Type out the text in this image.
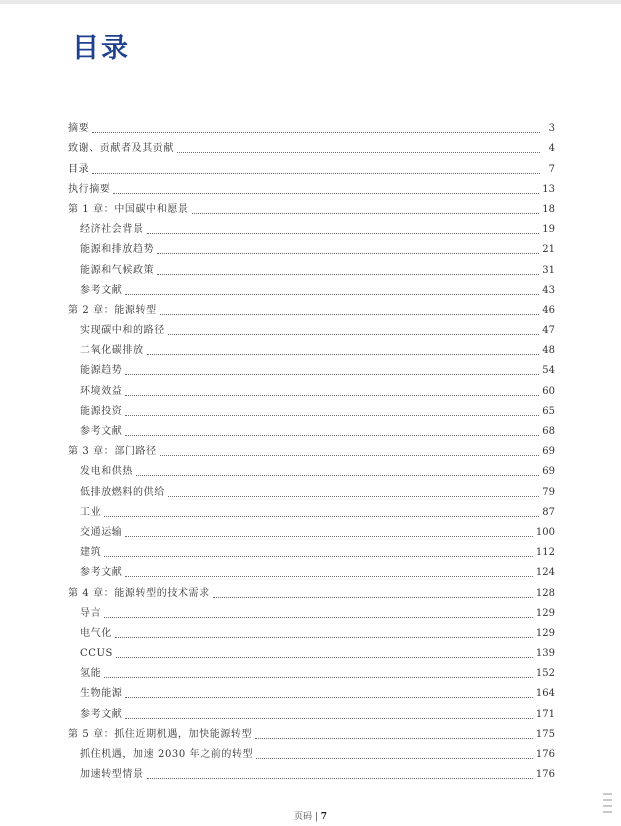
目录
摘要	3
致谢、贡献者及其贡献	4
目录	7
执行摘要	13
第 1 章：中国碳中和愿景	18
经济社会背景	19
能源和排放趋势	21
能源和气候政策	31
参考文献	43
第 2 章：能源转型	46
实现碳中和的路径	47
二氧化碳排放	48
能源趋势	54
环境效益	60
能源投资	65
参考文献	68
第 3 章：部门路径	69
发电和供热	69
低排放燃料的供给	79
工业	87
交通运输	100
建筑	112
参考文献	124
第 4 章：能源转型的技术需求	128
导言	129
电气化	129
CCUS	139
氢能	152
生物能源	164
参考文献	171
第 5 章：抓住近期机遇，加快能源转型	175
抓住机遇，加速 2030 年之前的转型	176
加速转型情景	176
页码 | 7
